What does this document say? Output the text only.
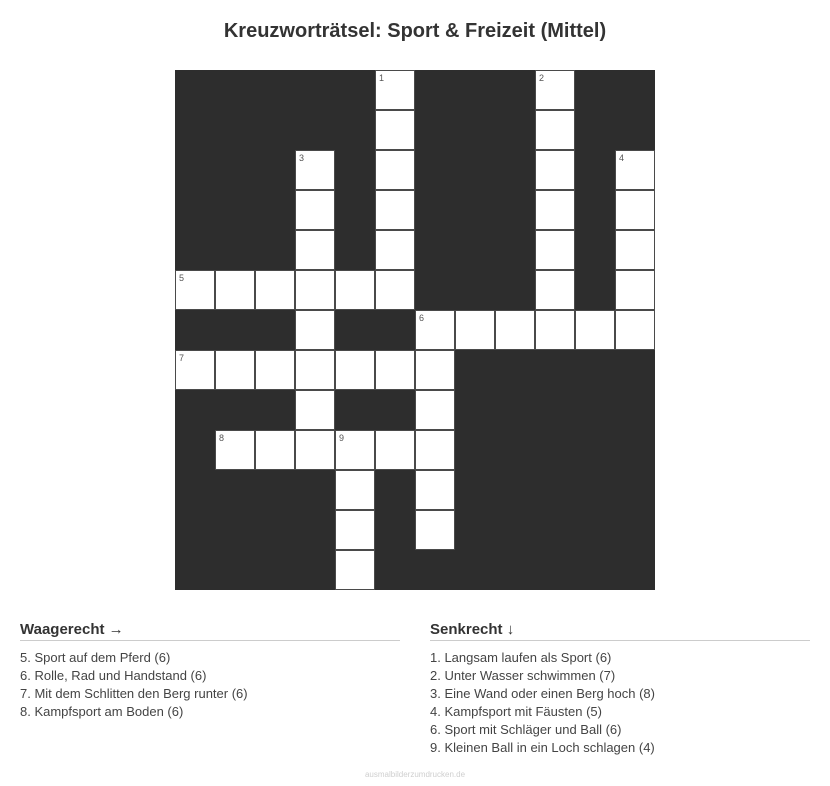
Kreuzworträtsel: Sport & Freizeit (Mittel)
1	2
3	4
5
6
7
8	9
Waagerecht →
5. Sport auf dem Pferd (6)
6. Rolle, Rad und Handstand (6)
7. Mit dem Schlitten den Berg runter (6)
8. Kampfsport am Boden (6)
Senkrecht ↓
1. Langsam laufen als Sport (6)
2. Unter Wasser schwimmen (7)
3. Eine Wand oder einen Berg hoch (8)
4. Kampfsport mit Fäusten (5)
6. Sport mit Schläger und Ball (6)
9. Kleinen Ball in ein Loch schlagen (4)
ausmalbilderzumdrucken.de
